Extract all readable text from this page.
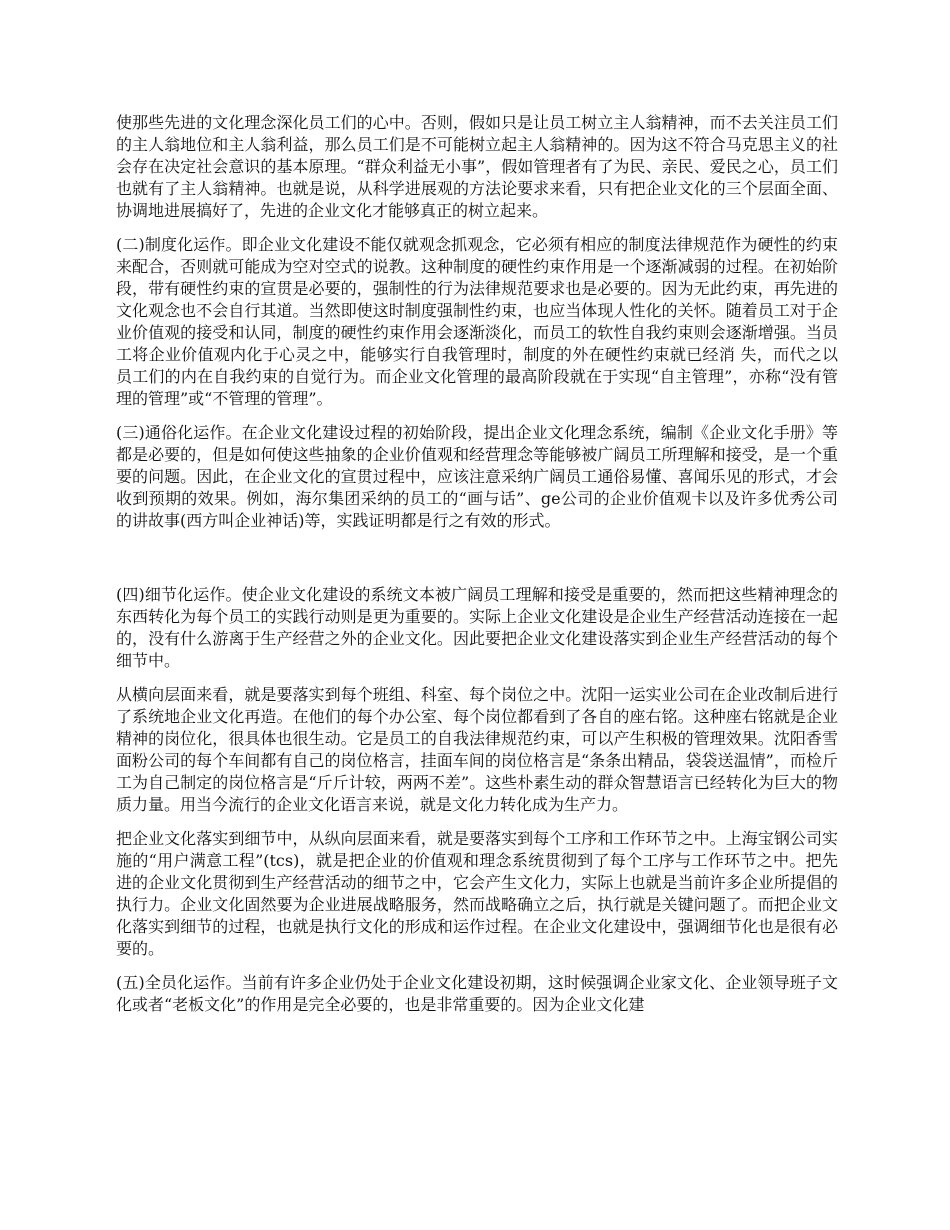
使那些先进的文化理念深化员工们的心中。否则，假如只是让员工树立主人翁精神，而不去关注员工们的主人翁地位和主人翁利益，那么员工们是不可能树立起主人翁精神的。因为这不符合马克思主义的社会存在决定社会意识的基本原理。“群众利益无小事”，假如管理者有了为民、亲民、爱民之心，员工们也就有了主人翁精神。也就是说，从科学进展观的方法论要求来看，只有把企业文化的三个层面全面、协调地进展搞好了，先进的企业文化才能够真正的树立起来。

(二)制度化运作。即企业文化建设不能仅就观念抓观念，它必须有相应的制度法律规范作为硬性的约束来配合，否则就可能成为空对空式的说教。这种制度的硬性约束作用是一个逐渐减弱的过程。在初始阶段，带有硬性约束的宣贯是必要的，强制性的行为法律规范要求也是必要的。因为无此约束，再先进的文化观念也不会自行其道。当然即使这时制度强制性约束，也应当体现人性化的关怀。随着员工对于企业价值观的接受和认同，制度的硬性约束作用会逐渐淡化，而员工的软性自我约束则会逐渐增强。当员工将企业价值观内化于心灵之中，能够实行自我管理时，制度的外在硬性约束就已经消 失，而代之以员工们的内在自我约束的自觉行为。而企业文化管理的最高阶段就在于实现“自主管理”，亦称“没有管理的管理”或“不管理的管理”。

(三)通俗化运作。在企业文化建设过程的初始阶段，提出企业文化理念系统，编制《企业文化手册》等都是必要的，但是如何使这些抽象的企业价值观和经营理念等能够被广阔员工所理解和接受，是一个重要的问题。因此，在企业文化的宣贯过程中，应该注意采纳广阔员工通俗易懂、喜闻乐见的形式，才会收到预期的效果。例如，海尔集团采纳的员工的“画与话”、ge公司的企业价值观卡以及许多优秀公司的讲故事(西方叫企业神话)等，实践证明都是行之有效的形式。

(四)细节化运作。使企业文化建设的系统文本被广阔员工理解和接受是重要的，然而把这些精神理念的东西转化为每个员工的实践行动则是更为重要的。实际上企业文化建设是企业生产经营活动连接在一起的，没有什么游离于生产经营之外的企业文化。因此要把企业文化建设落实到企业生产经营活动的每个细节中。

从横向层面来看，就是要落实到每个班组、科室、每个岗位之中。沈阳一运实业公司在企业改制后进行了系统地企业文化再造。在他们的每个办公室、每个岗位都看到了各自的座右铭。这种座右铭就是企业精神的岗位化，很具体也很生动。它是员工的自我法律规范约束，可以产生积极的管理效果。沈阳香雪面粉公司的每个车间都有自己的岗位格言，挂面车间的岗位格言是“条条出精品，袋袋送温情”，而检斤工为自己制定的岗位格言是“斤斤计较，两两不差”。这些朴素生动的群众智慧语言已经转化为巨大的物质力量。用当今流行的企业文化语言来说，就是文化力转化成为生产力。

把企业文化落实到细节中，从纵向层面来看，就是要落实到每个工序和工作环节之中。上海宝钢公司实施的“用户满意工程”(tcs)，就是把企业的价值观和理念系统贯彻到了每个工序与工作环节之中。把先进的企业文化贯彻到生产经营活动的细节之中，它会产生文化力，实际上也就是当前许多企业所提倡的执行力。企业文化固然要为企业进展战略服务，然而战略确立之后，执行就是关键问题了。而把企业文化落实到细节的过程，也就是执行文化的形成和运作过程。在企业文化建设中，强调细节化也是很有必要的。

(五)全员化运作。当前有许多企业仍处于企业文化建设初期，这时候强调企业家文化、企业领导班子文化或者“老板文化”的作用是完全必要的，也是非常重要的。因为企业文化建
